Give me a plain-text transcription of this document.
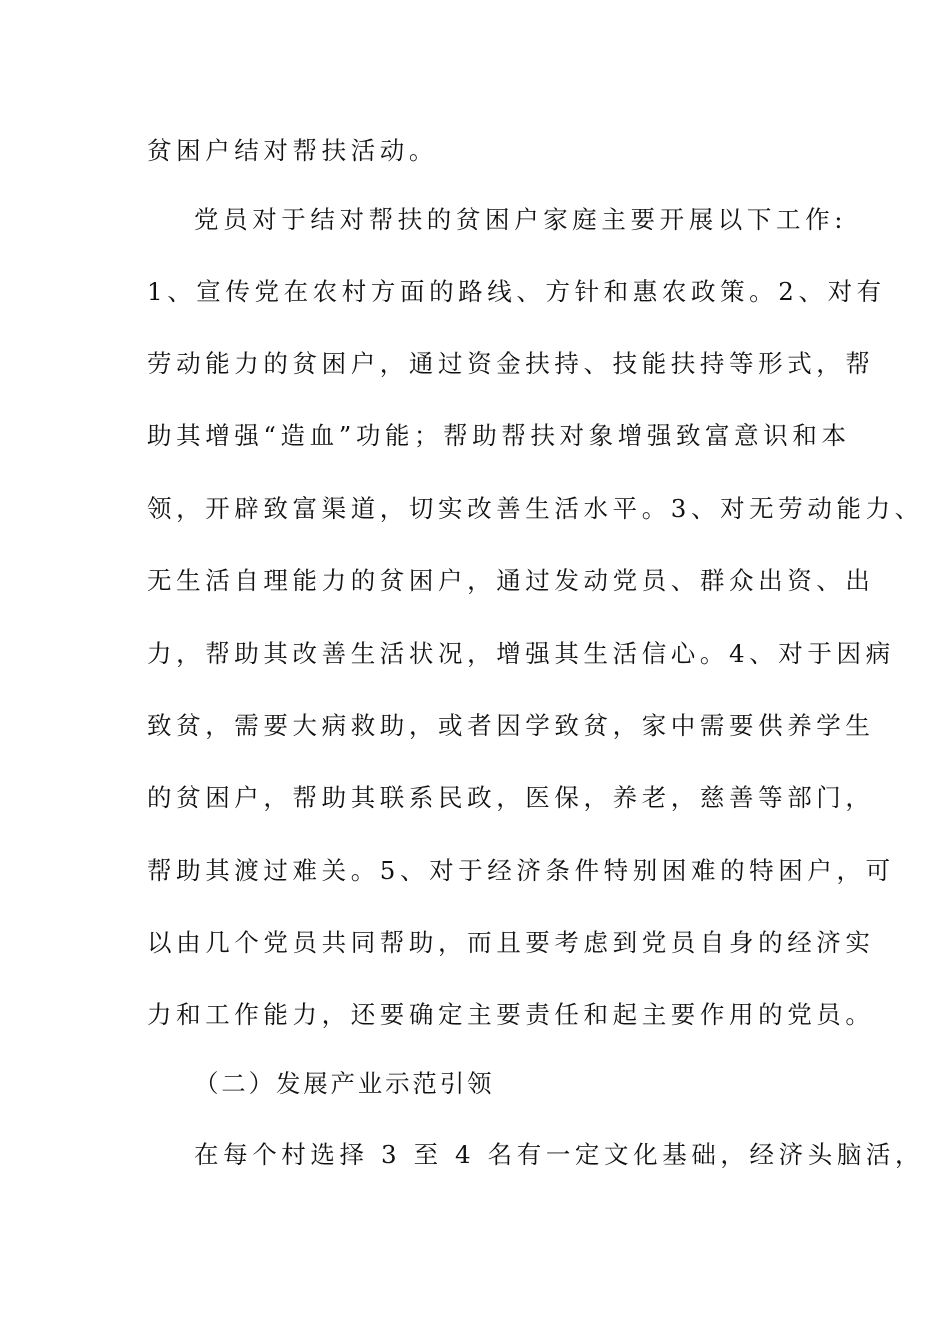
贫困户结对帮扶活动。
党员对于结对帮扶的贫困户家庭主要开展以下工作:
1、宣传党在农村方面的路线、方针和惠农政策。2、对有
劳动能力的贫困户，通过资金扶持、技能扶持等形式，帮
助其增强“造血”功能；帮助帮扶对象增强致富意识和本
领，开辟致富渠道，切实改善生活水平。3、对无劳动能力、
无生活自理能力的贫困户，通过发动党员、群众出资、出
力，帮助其改善生活状况，增强其生活信心。4、对于因病
致贫，需要大病救助，或者因学致贫，家中需要供养学生
的贫困户，帮助其联系民政，医保，养老，慈善等部门，
帮助其渡过难关。5、对于经济条件特别困难的特困户，可
以由几个党员共同帮助，而且要考虑到党员自身的经济实
力和工作能力，还要确定主要责任和起主要作用的党员。
（二）发展产业示范引领
在每个村选择 3 至 4 名有一定文化基础，经济头脑活，
